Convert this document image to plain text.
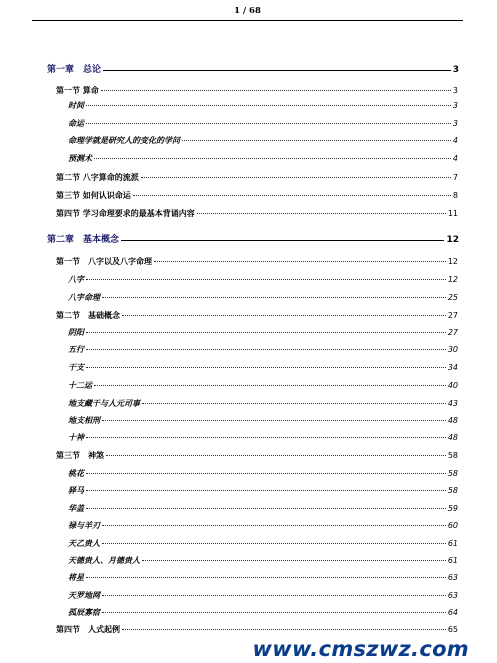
1 / 68
第一章　总论	3
第一节 算命	3
时间	3
命运	3
命理学就是研究人的变化的学问	4
预测术	4
第二节 八字算命的流派	7
第三节 如何认识命运	8
第四节 学习命理要求的最基本背诵内容	11
第二章　基本概念	12
第一节　八字以及八字命理	12
八字	12
八字命理	25
第二节　基础概念	27
阴阳	27
五行	30
干支	34
十二运	40
地支藏干与人元司事	43
地支相刑	48
十神	48
第三节　神煞	58
桃花	58
驿马	58
华盖	59
禄与羊刃	60
天乙贵人	61
天德贵人、月德贵人	61
将星	63
天罗地网	63
孤辰寡宿	64
第四节　人式起例	65
www.cmszwz.com
